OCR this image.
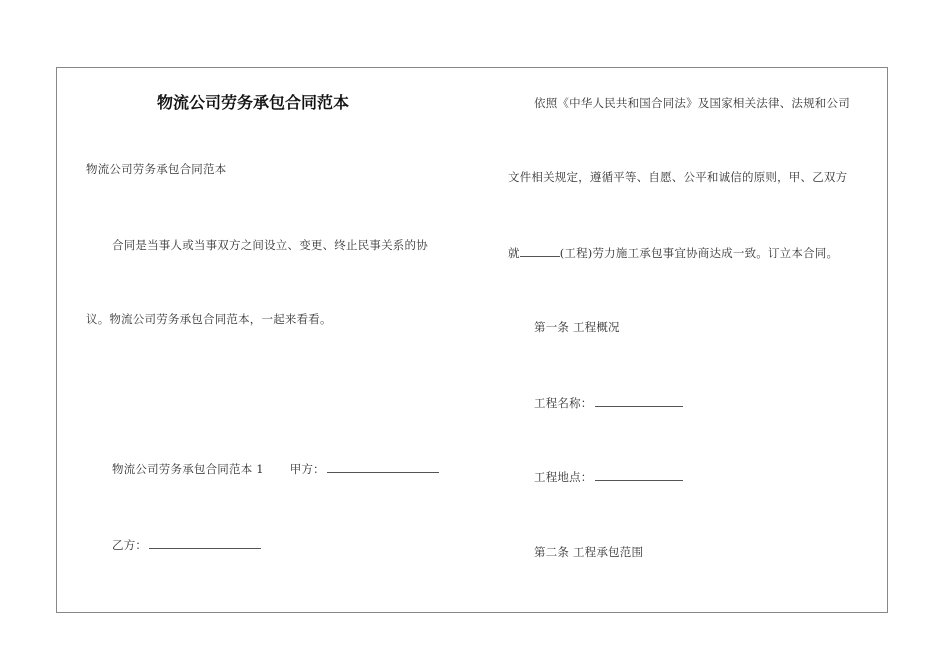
物流公司劳务承包合同范本
物流公司劳务承包合同范本
合同是当事人或当事双方之间设立、变更、终止民事关系的协
议。物流公司劳务承包合同范本，一起来看看。
物流公司劳务承包合同范本 1 甲方：
乙方：
依照《中华人民共和国合同法》及国家相关法律、法规和公司
文件相关规定，遵循平等、自愿、公平和诚信的原则，甲、乙双方
就	(工程)劳力施工承包事宜协商达成一致。订立本合同。
第一条 工程概况
工程名称：
工程地点：
第二条 工程承包范围
